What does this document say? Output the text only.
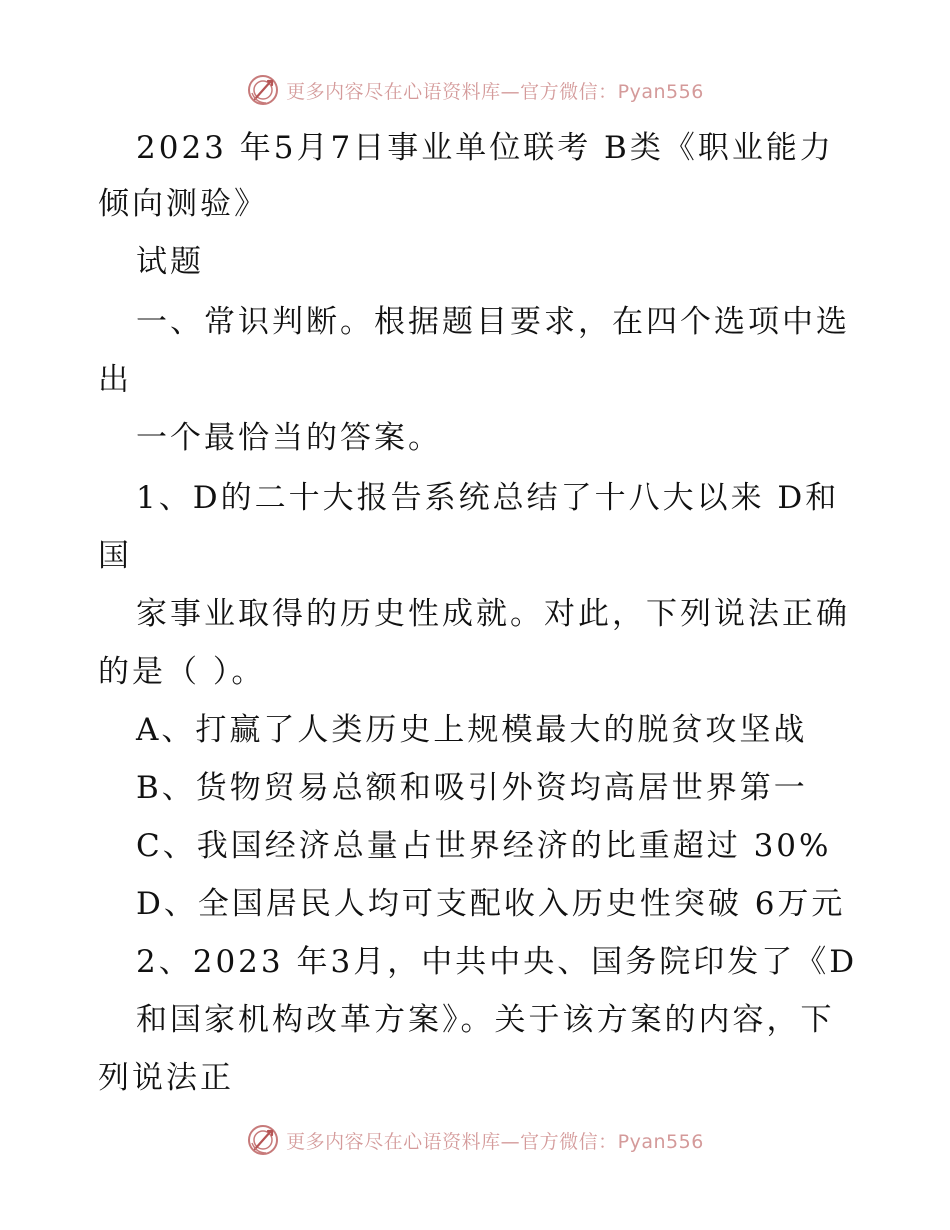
更多内容尽在心语资料库—官方微信：Pyan556
2023 年5月7日事业单位联考 B类《职业能力
倾向测验》
试题
一、常识判断。根据题目要求，在四个选项中选
出
一个最恰当的答案。
1、D的二十大报告系统总结了十八大以来 D和
国
家事业取得的历史性成就。对此，下列说法正确
的是（ ）。
A、打赢了人类历史上规模最大的脱贫攻坚战
B、货物贸易总额和吸引外资均高居世界第一
C、我国经济总量占世界经济的比重超过 30%
D、全国居民人均可支配收入历史性突破 6万元
2、2023 年3月，中共中央、国务院印发了《D
和国家机构改革方案》。关于该方案的内容，下
列说法正
更多内容尽在心语资料库—官方微信：Pyan556
